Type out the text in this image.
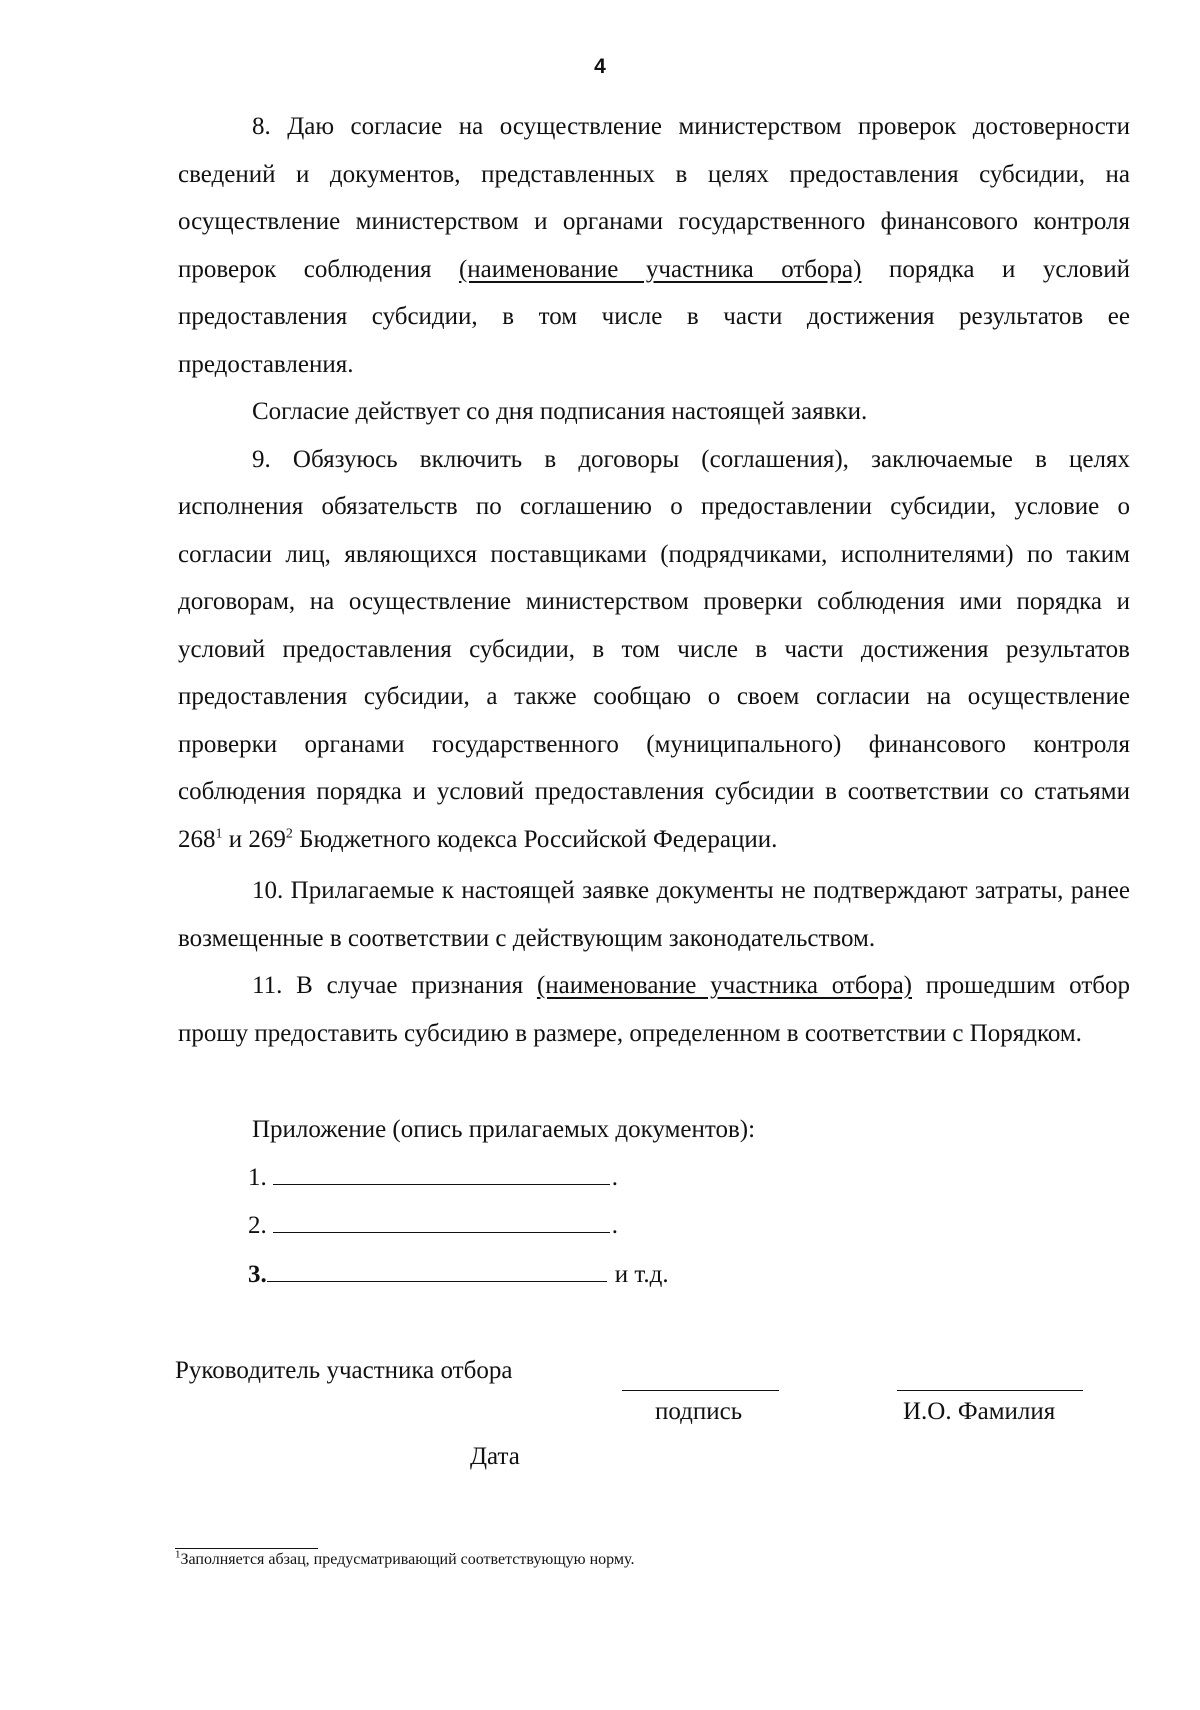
4

8. Даю согласие на осуществление министерством проверок достоверности сведений и документов, представленных в целях предоставления субсидии, на осуществление министерством и органами государственного финансового контроля проверок соблюдения (наименование участника отбора) порядка и условий предоставления субсидии, в том числе в части достижения результатов ее предоставления.

Согласие действует со дня подписания настоящей заявки.

9. Обязуюсь включить в договоры (соглашения), заключаемые в целях исполнения обязательств по соглашению о предоставлении субсидии, условие о согласии лиц, являющихся поставщиками (подрядчиками, исполнителями) по таким договорам, на осуществление министерством проверки соблюдения ими порядка и условий предоставления субсидии, в том числе в части достижения результатов предоставления субсидии, а также сообщаю о своем согласии на осуществление проверки органами государственного (муниципального) финансового контроля соблюдения порядка и условий предоставления субсидии в соответствии со статьями $268^1$ и $269^2$ Бюджетного кодекса Российской Федерации.

10. Прилагаемые к настоящей заявке документы не подтверждают затраты, ранее возмещенные в соответствии с действующим законодательством.

11. В случае признания (наименование участника отбора) прошедшим отбор прошу предоставить субсидию в размере, определенном в соответствии с Порядком.

Приложение (опись прилагаемых документов):
1.	.
2.	.
3.	и т.д.
Руководитель участника отбора
подпись	И.О. Фамилия
Дата
$^1$Заполняется абзац, предусматривающий соответствующую норму.
